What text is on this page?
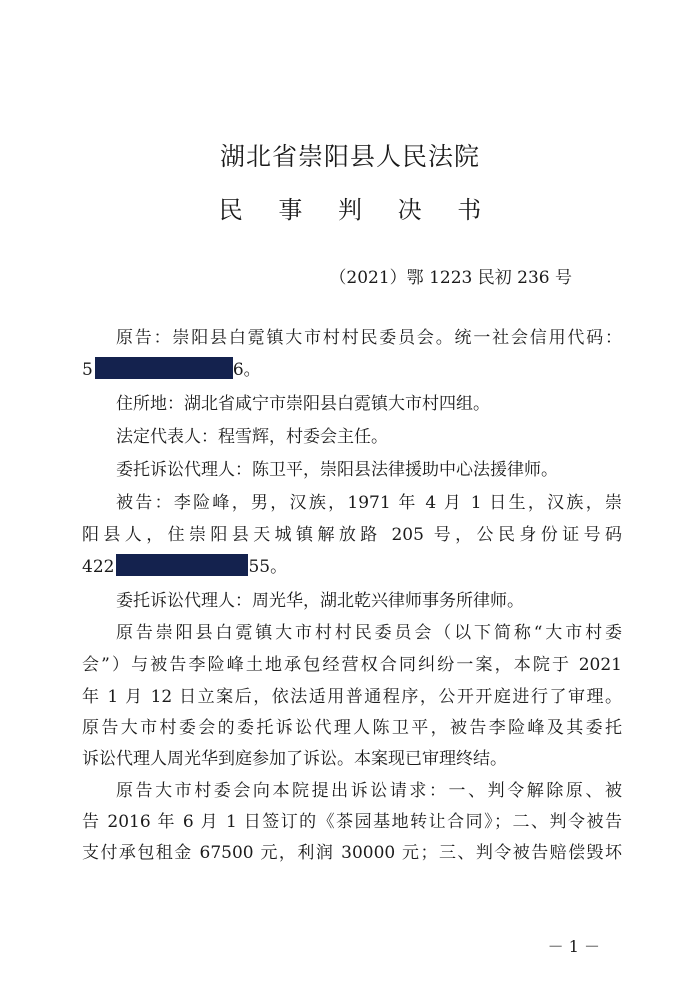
湖北省崇阳县人民法院
民 事 判 决 书
（2021）鄂 1223 民初 236 号
原告：崇阳县白霓镇大市村村民委员会。统一社会信用代码：
5	6。
住所地：湖北省咸宁市崇阳县白霓镇大市村四组。
法定代表人：程雪辉，村委会主任。
委托诉讼代理人：陈卫平，崇阳县法律援助中心法援律师。
被告：李险峰，男，汉族，1971 年 4 月 1 日生，汉族，崇
阳县人，住崇阳县天城镇解放路 205 号，公民身份证号码
422	55。
委托诉讼代理人：周光华，湖北乾兴律师事务所律师。
原告崇阳县白霓镇大市村村民委员会（以下简称“大市村委
会”）与被告李险峰土地承包经营权合同纠纷一案，本院于 2021
年 1 月 12 日立案后，依法适用普通程序，公开开庭进行了审理。
原告大市村委会的委托诉讼代理人陈卫平，被告李险峰及其委托
诉讼代理人周光华到庭参加了诉讼。本案现已审理终结。
原告大市村委会向本院提出诉讼请求：一、判令解除原、被
告 2016 年 6 月 1 日签订的《茶园基地转让合同》；二、判令被告
支付承包租金 67500 元，利润 30000 元；三、判令被告赔偿毁坏
－ 1 －
